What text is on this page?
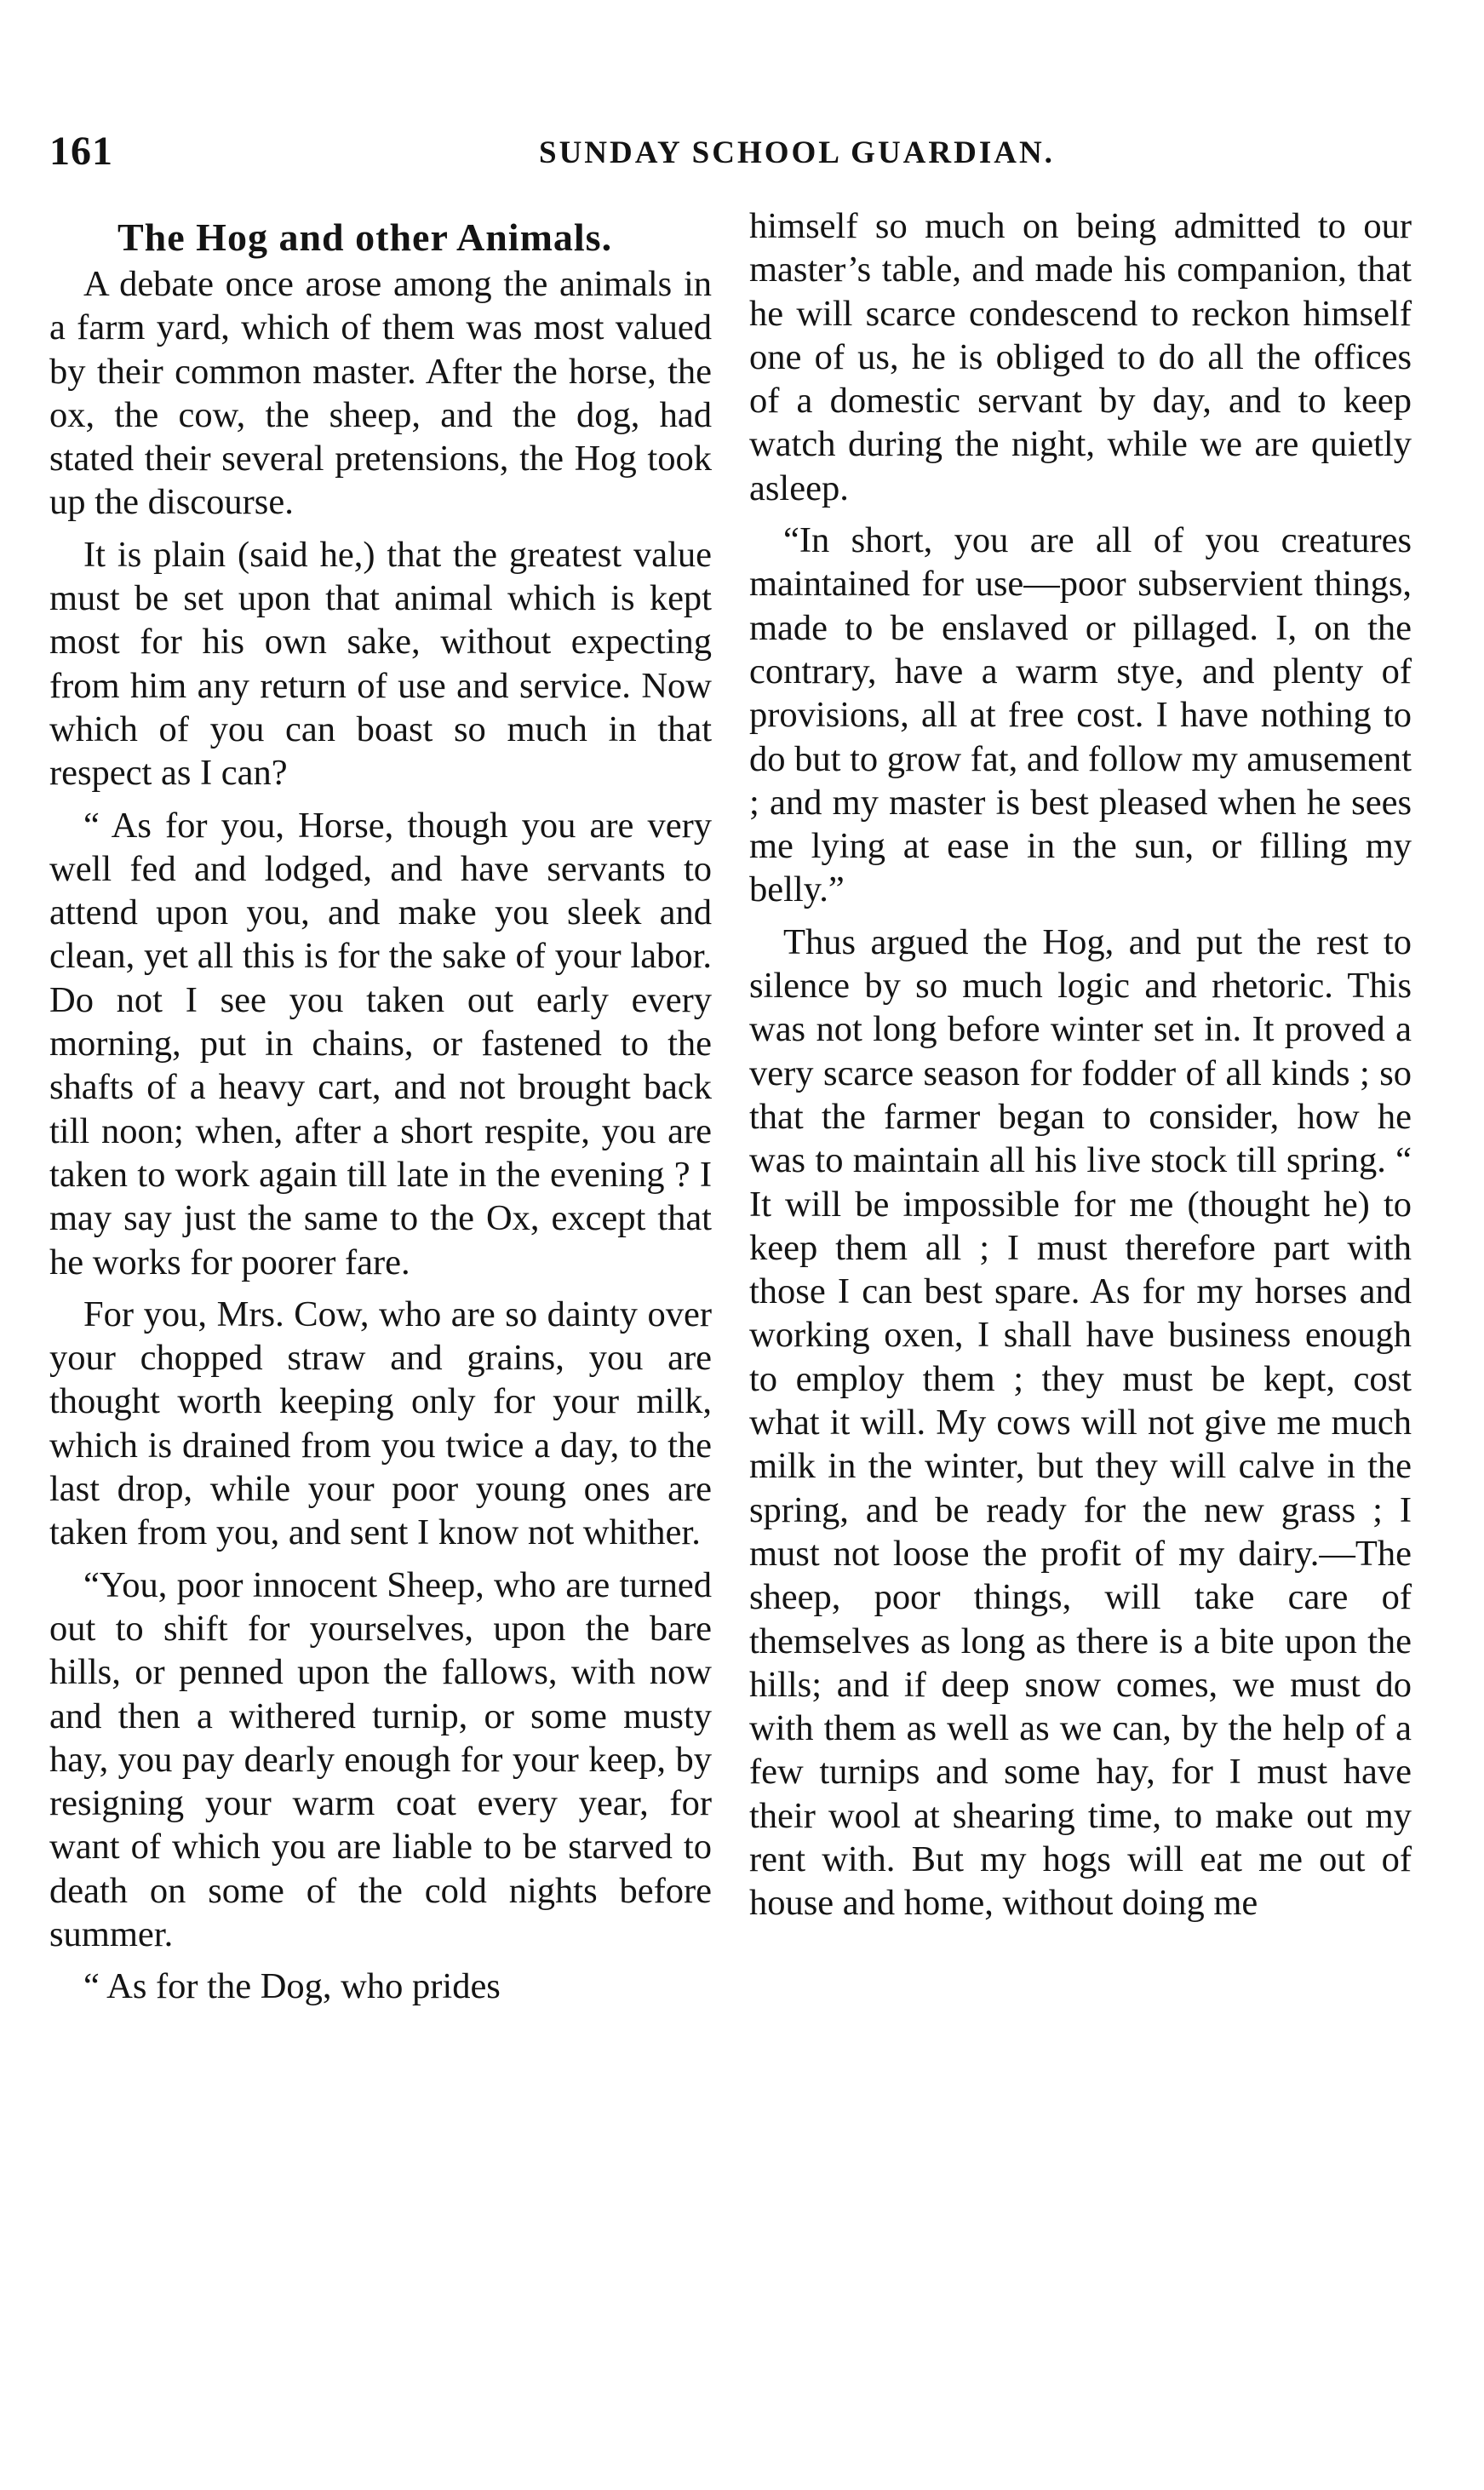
161	SUNDAY SCHOOL GUARDIAN.
The Hog and other Animals.

A debate once arose among the animals in a farm yard, which of them was most valued by their common master. After the horse, the ox, the cow, the sheep, and the dog, had stated their several pretensions, the Hog took up the discourse.

It is plain (said he,) that the greatest value must be set upon that animal which is kept most for his own sake, without expecting from him any return of use and service. Now which of you can boast so much in that respect as I can?

“ As for you, Horse, though you are very well fed and lodged, and have servants to attend upon you, and make you sleek and clean, yet all this is for the sake of your labor. Do not I see you taken out early every morning, put in chains, or fastened to the shafts of a heavy cart, and not brought back till noon; when, after a short respite, you are taken to work again till late in the evening ? I may say just the same to the Ox, except that he works for poorer fare.

For you, Mrs. Cow, who are so dainty over your chopped straw and grains, you are thought worth keeping only for your milk, which is drained from you twice a day, to the last drop, while your poor young ones are taken from you, and sent I know not whither.

“You, poor innocent Sheep, who are turned out to shift for yourselves, upon the bare hills, or penned upon the fallows, with now and then a withered turnip, or some musty hay, you pay dearly enough for your keep, by resigning your warm coat every year, for want of which you are liable to be starved to death on some of the cold nights before summer.

“ As for the Dog, who prides

himself so much on being admitted to our master’s table, and made his companion, that he will scarce condescend to reckon himself one of us, he is obliged to do all the offices of a domestic servant by day, and to keep watch during the night, while we are quietly asleep.

“In short, you are all of you creatures maintained for use—poor subservient things, made to be enslaved or pillaged. I, on the contrary, have a warm stye, and plenty of provisions, all at free cost. I have nothing to do but to grow fat, and follow my amusement ; and my master is best pleased when he sees me lying at ease in the sun, or filling my belly.”

Thus argued the Hog, and put the rest to silence by so much logic and rhetoric. This was not long before winter set in. It proved a very scarce season for fodder of all kinds ; so that the farmer began to consider, how he was to maintain all his live stock till spring. “ It will be impossible for me (thought he) to keep them all ; I must therefore part with those I can best spare. As for my horses and working oxen, I shall have business enough to employ them ; they must be kept, cost what it will. My cows will not give me much milk in the winter, but they will calve in the spring, and be ready for the new grass ; I must not loose the profit of my dairy.—The sheep, poor things, will take care of themselves as long as there is a bite upon the hills; and if deep snow comes, we must do with them as well as we can, by the help of a few turnips and some hay, for I must have their wool at shearing time, to make out my rent with. But my hogs will eat me out of house and home, without doing me
